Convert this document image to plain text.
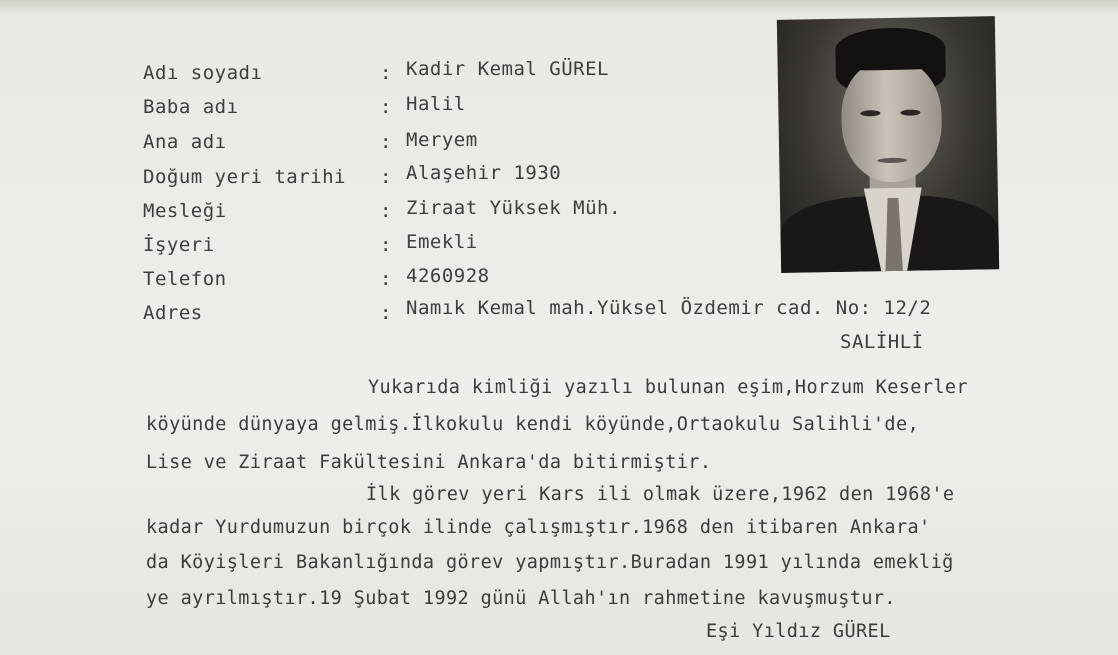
Adı soyadı	: Kadir Kemal GÜREL
Baba adı	: Halil
Ana adı	: Meryem
Doğum yeri tarihi : Alaşehir 1930
Mesleği	: Ziraat Yüksek Müh.
İşyeri	: Emekli
Telefon	: 4260928
Adres	: Namık Kemal mah.Yüksel Özdemir cad. No: 12/2
SALİHLİ
Yukarıda kimliği yazılı bulunan eşim,Horzum Keserler
köyünde dünyaya gelmiş.İlkokulu kendi köyünde,Ortaokulu Salihli'de,
Lise ve Ziraat Fakültesini Ankara'da bitirmiştir.
İlk görev yeri Kars ili olmak üzere,1962 den 1968'e
kadar Yurdumuzun birçok ilinde çalışmıştır.1968 den itibaren Ankara'
da Köyişleri Bakanlığında görev yapmıştır.Buradan 1991 yılında emekliğ
ye ayrılmıştır.19 Şubat 1992 günü Allah'ın rahmetine kavuşmuştur.
Eşi Yıldız GÜREL
